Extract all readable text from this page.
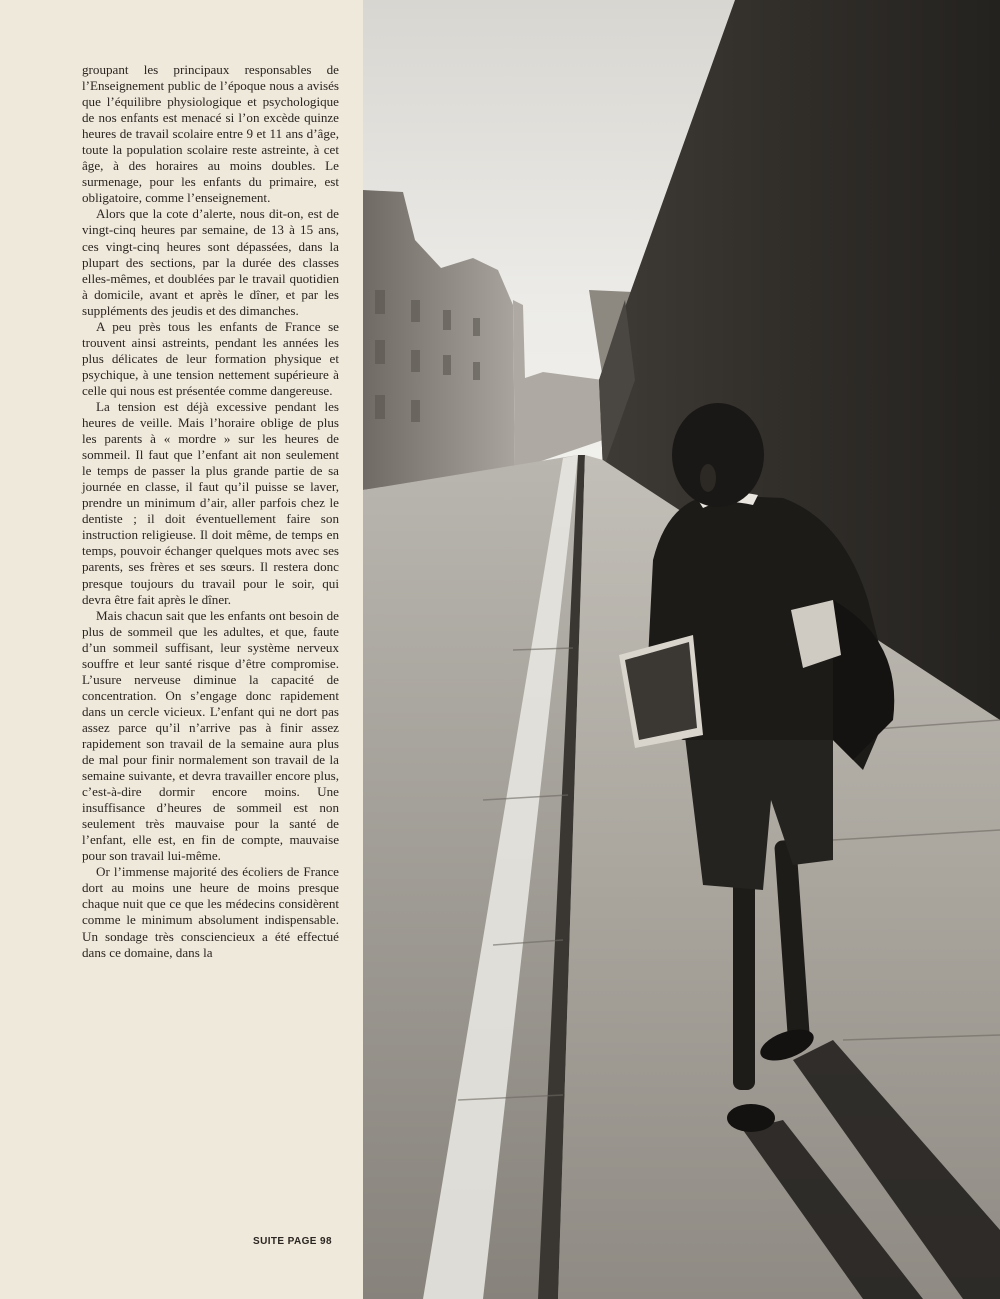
groupant les principaux responsables de l’Enseignement public de l’époque nous a avisés que l’équilibre physiologique et psychologique de nos enfants est menacé si l’on excède quinze heures de travail scolaire entre 9 et 11 ans d’âge, toute la population scolaire reste astreinte, à cet âge, à des horaires au moins doubles. Le surmenage, pour les enfants du primaire, est obligatoire, comme l’enseignement.

Alors que la cote d’alerte, nous dit-on, est de vingt-cinq heures par semaine, de 13 à 15 ans, ces vingt-cinq heures sont dépassées, dans la plupart des sections, par la durée des classes elles-mêmes, et doublées par le travail quotidien à domicile, avant et après le dîner, et par les suppléments des jeudis et des dimanches.

A peu près tous les enfants de France se trouvent ainsi astreints, pendant les années les plus délicates de leur formation physique et psychique, à une tension nettement supérieure à celle qui nous est présentée comme dangereuse.

La tension est déjà excessive pendant les heures de veille. Mais l’horaire oblige de plus les parents à « mordre » sur les heures de sommeil. Il faut que l’enfant ait non seulement le temps de passer la plus grande partie de sa journée en classe, il faut qu’il puisse se laver, prendre un minimum d’air, aller parfois chez le dentiste ; il doit éventuellement faire son instruction religieuse. Il doit même, de temps en temps, pouvoir échanger quelques mots avec ses parents, ses frères et ses sœurs. Il restera donc presque toujours du travail pour le soir, qui devra être fait après le dîner.

Mais chacun sait que les enfants ont besoin de plus de sommeil que les adultes, et que, faute d’un sommeil suffisant, leur système nerveux souffre et leur santé risque d’être compromise. L’usure nerveuse diminue la capacité de concentration. On s’engage donc rapidement dans un cercle vicieux. L’enfant qui ne dort pas assez parce qu’il n’arrive pas à finir assez rapidement son travail de la semaine aura plus de mal pour finir normalement son travail de la semaine suivante, et devra travailler encore plus, c’est-à-dire dormir encore moins. Une insuffisance d’heures de sommeil est non seulement très mauvaise pour la santé de l’enfant, elle est, en fin de compte, mauvaise pour son travail lui-même.

Or l’immense majorité des écoliers de France dort au moins une heure de moins presque chaque nuit que ce que les médecins considèrent comme le minimum absolument indispensable. Un sondage très consciencieux a été effectué dans ce domaine, dans la

SUITE PAGE 98
